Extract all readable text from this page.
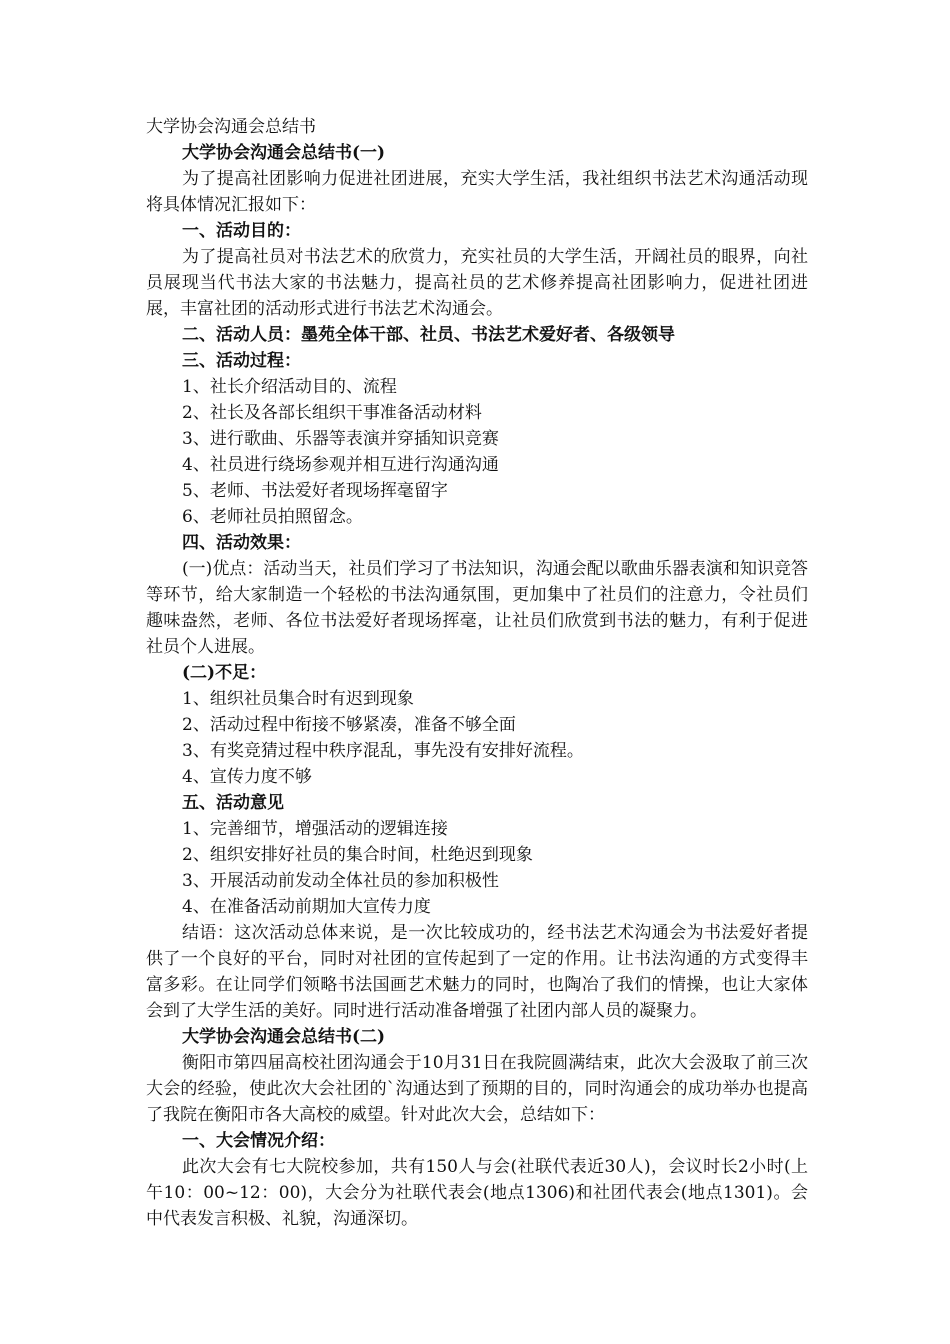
大学协会沟通会总结书
大学协会沟通会总结书(一)
为了提高社团影响力促进社团进展，充实大学生活，我社组织书法艺术沟通活动现将具体情况汇报如下：
一、活动目的：
为了提高社员对书法艺术的欣赏力，充实社员的大学生活，开阔社员的眼界，向社员展现当代书法大家的书法魅力，提高社员的艺术修养提高社团影响力，促进社团进展，丰富社团的活动形式进行书法艺术沟通会。
二、活动人员：墨苑全体干部、社员、书法艺术爱好者、各级领导
三、活动过程：
1、社长介绍活动目的、流程
2、社长及各部长组织干事准备活动材料
3、进行歌曲、乐器等表演并穿插知识竞赛
4、社员进行绕场参观并相互进行沟通沟通
5、老师、书法爱好者现场挥毫留字
6、老师社员拍照留念。
四、活动效果：
(一)优点：活动当天，社员们学习了书法知识，沟通会配以歌曲乐器表演和知识竞答等环节，给大家制造一个轻松的书法沟通氛围，更加集中了社员们的注意力，令社员们趣味盎然，老师、各位书法爱好者现场挥毫，让社员们欣赏到书法的魅力，有利于促进社员个人进展。
(二)不足：
1、组织社员集合时有迟到现象
2、活动过程中衔接不够紧凑，准备不够全面
3、有奖竞猜过程中秩序混乱，事先没有安排好流程。
4、宣传力度不够
五、活动意见
1、完善细节，增强活动的逻辑连接
2、组织安排好社员的集合时间，杜绝迟到现象
3、开展活动前发动全体社员的参加积极性
4、在准备活动前期加大宣传力度
结语：这次活动总体来说，是一次比较成功的，经书法艺术沟通会为书法爱好者提供了一个良好的平台，同时对社团的宣传起到了一定的作用。让书法沟通的方式变得丰富多彩。在让同学们领略书法国画艺术魅力的同时，也陶冶了我们的情操，也让大家体会到了大学生活的美好。同时进行活动准备增强了社团内部人员的凝聚力。
大学协会沟通会总结书(二)
衡阳市第四届高校社团沟通会于10月31日在我院圆满结束，此次大会汲取了前三次大会的经验，使此次大会社团的`沟通达到了预期的目的，同时沟通会的成功举办也提高了我院在衡阳市各大高校的威望。针对此次大会，总结如下：
一、大会情况介绍：
此次大会有七大院校参加，共有150人与会(社联代表近30人)，会议时长2小时(上午10：00~12：00)，大会分为社联代表会(地点1306)和社团代表会(地点1301)。会中代表发言积极、礼貌，沟通深切。
